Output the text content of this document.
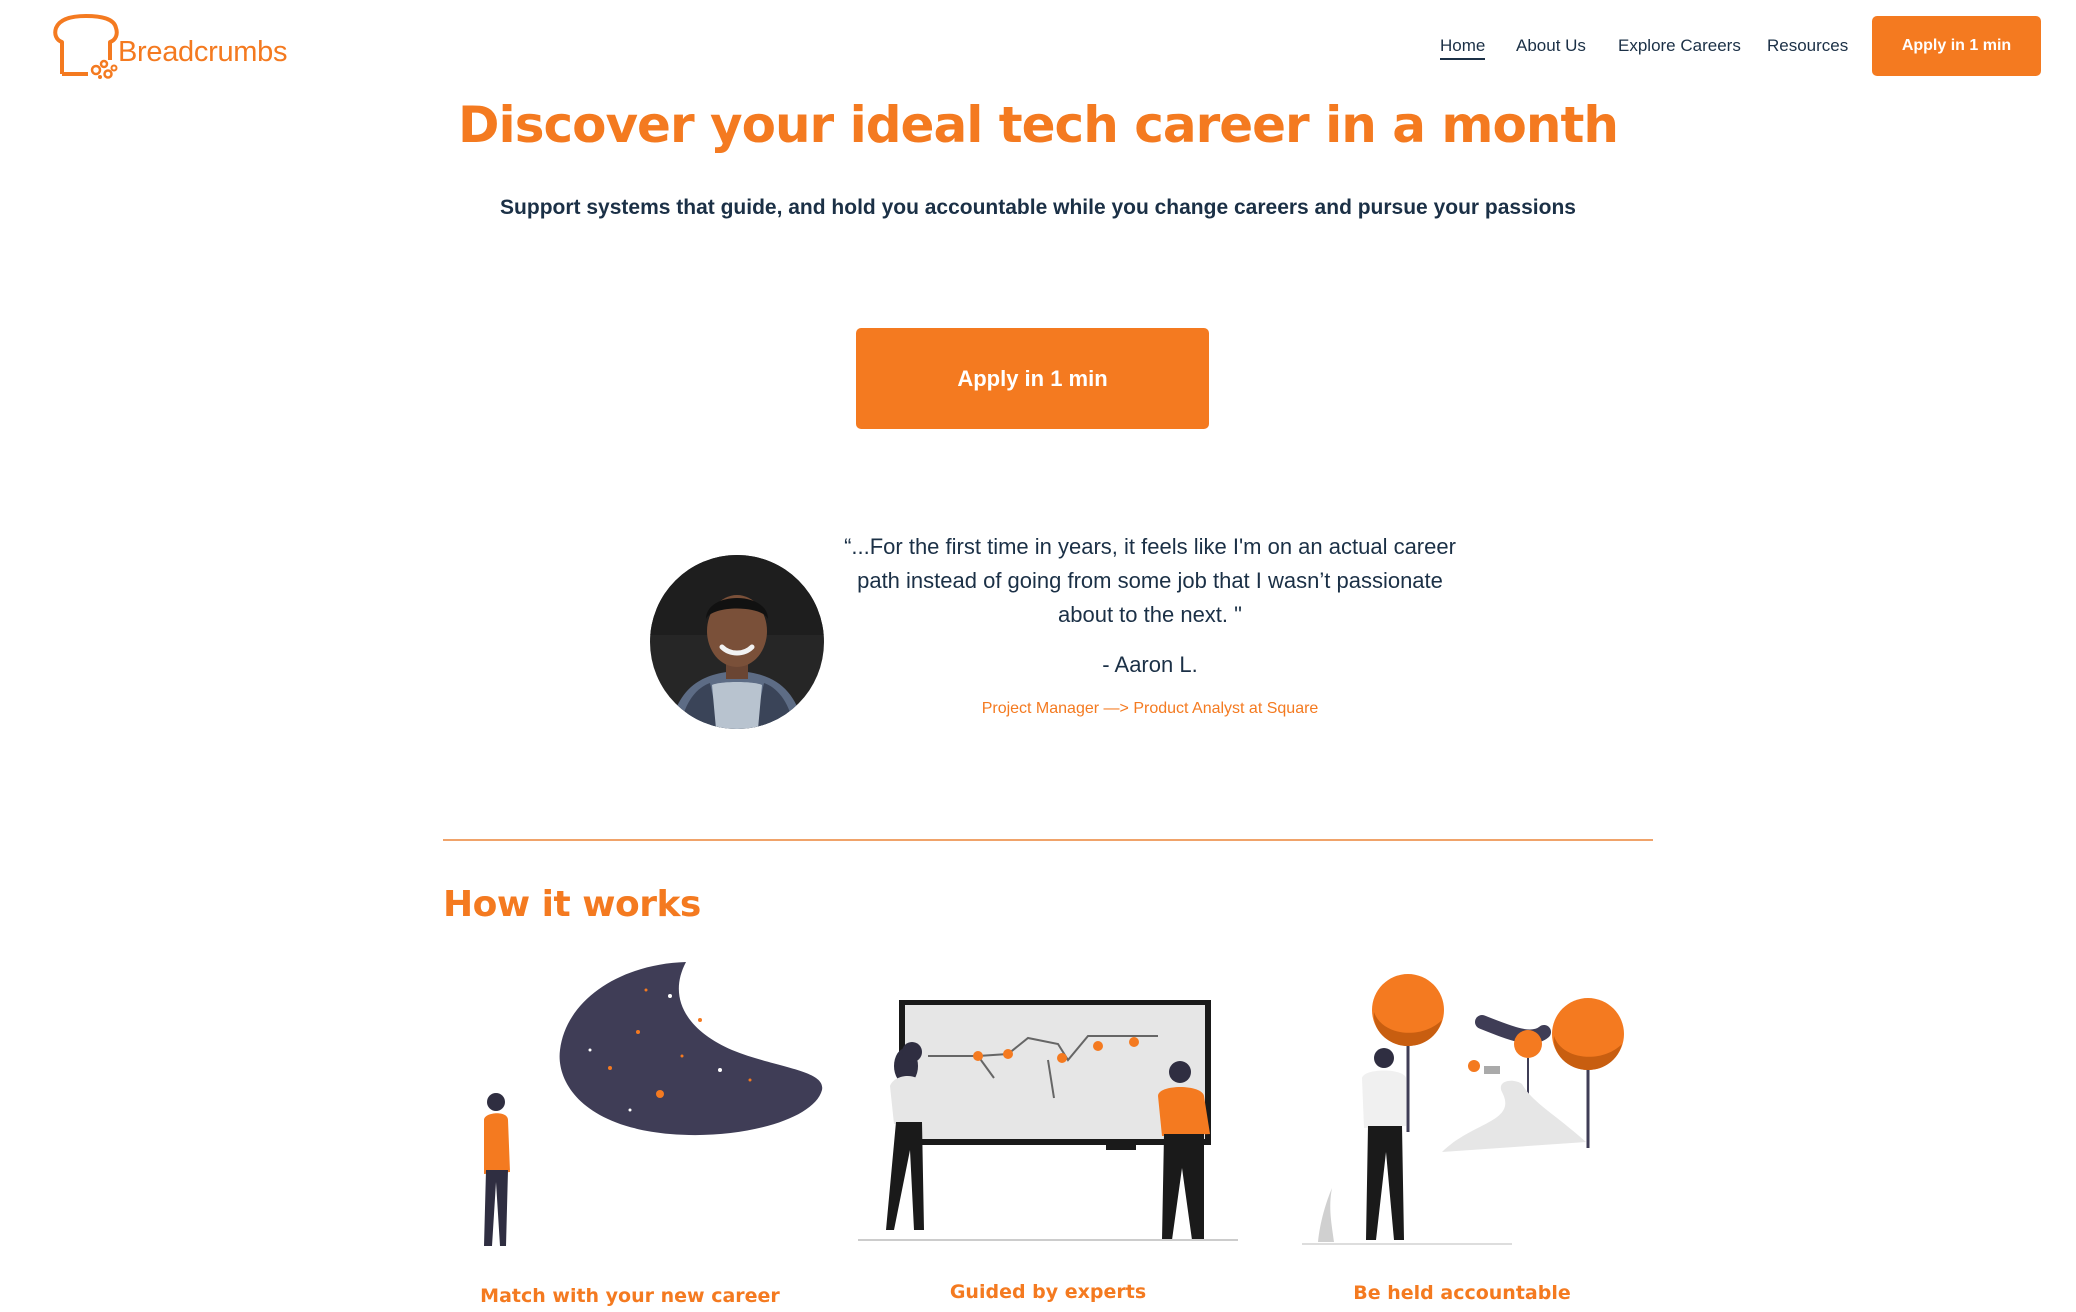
Breadcrumbs	Home About Us Explore Careers Resources	Apply in 1 min
Discover your ideal tech career in a month

Support systems that guide, and hold you accountable while you change careers and pursue your passions

Apply in 1 min

“...For the first time in years, it feels like I'm on an actual career path instead of going from some job that I wasn’t passionate about to the next. "

- Aaron L.

Project Manager —> Product Analyst at Square

How it works
Match with your new career	Guided by experts	Be held accountable
